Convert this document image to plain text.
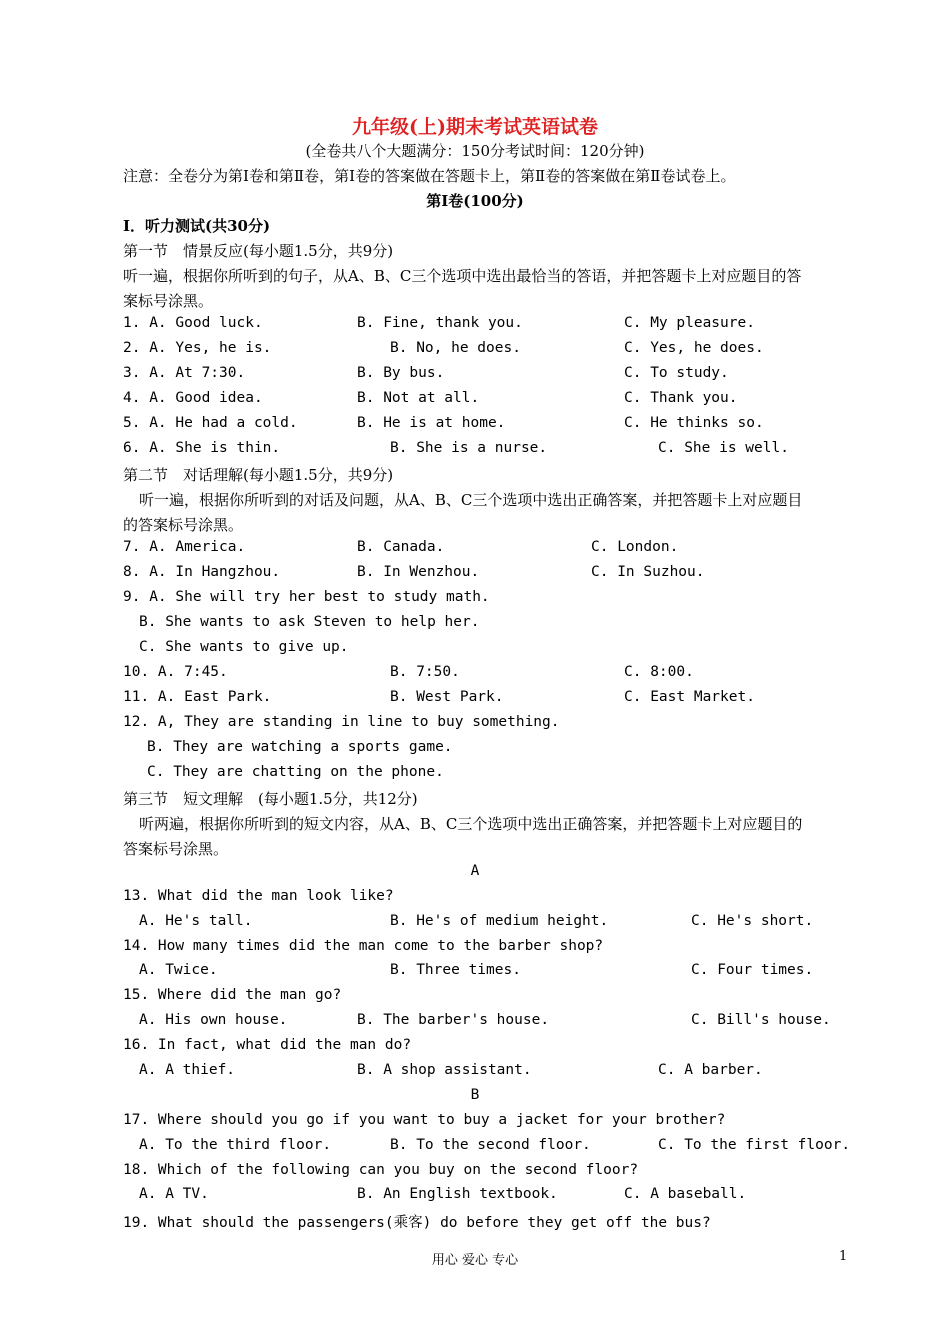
九年级(上)期末考试英语试卷
(全卷共八个大题满分：150分考试时间：120分钟)
注意：全卷分为第Ⅰ卷和第Ⅱ卷，第Ⅰ卷的答案做在答题卡上，第Ⅱ卷的答案做在第Ⅱ卷试卷上。
第Ⅰ卷(100分)
Ⅰ．听力测试(共30分)
第一节　情景反应(每小题1.5分，共9分)
听一遍，根据你所听到的句子，从A、B、C三个选项中选出最恰当的答语，并把答题卡上对应题目的答
案标号涂黑。
1. A. Good luck.	B. Fine, thank you.	C. My pleasure.
2. A. Yes, he is.	B. No, he does.	C. Yes, he does.
3. A. At 7:30.	B. By bus.	C. To study.
4. A. Good idea.	B. Not at all.	C. Thank you.
5. A. He had a cold.	B. He is at home.	C. He thinks so.
6. A. She is thin.	B. She is a nurse.	C. She is well.
第二节　对话理解(每小题1.5分，共9分)
听一遍，根据你所听到的对话及问题，从A、B、C三个选项中选出正确答案，并把答题卡上对应题目
的答案标号涂黑。
7. A. America.	B. Canada.	C. London.
8. A. In Hangzhou.	B. In Wenzhou.	C. In Suzhou.
9. A. She will try her best to study math.
B. She wants to ask Steven to help her.
C. She wants to give up.
10. A. 7:45.	B. 7:50.	C. 8:00.
11. A. East Park.	B. West Park.	C. East Market.
12. A, They are standing in line to buy something.
B. They are watching a sports game.
C. They are chatting on the phone.
第三节　短文理解　(每小题1.5分，共12分)
听两遍，根据你所听到的短文内容，从A、B、C三个选项中选出正确答案，并把答题卡上对应题目的
答案标号涂黑。
A
13. What did the man look like?
A. He's tall.	B. He's of medium height.	C. He's short.
14. How many times did the man come to the barber shop?
A. Twice.	B. Three times.	C. Four times.
15. Where did the man go?
A. His own house.	B. The barber's house.	C. Bill's house.
16. In fact, what did the man do?
A. A thief.	B. A shop assistant.	C. A barber.
B
17. Where should you go if you want to buy a jacket for your brother?
A. To the third floor.	B. To the second floor.	C. To the first floor.
18. Which of the following can you buy on the second floor?
A. A TV.	B. An English textbook.	C. A baseball.
19. What should the passengers(乘客) do before they get off the bus?
用心 爱心 专心	1
